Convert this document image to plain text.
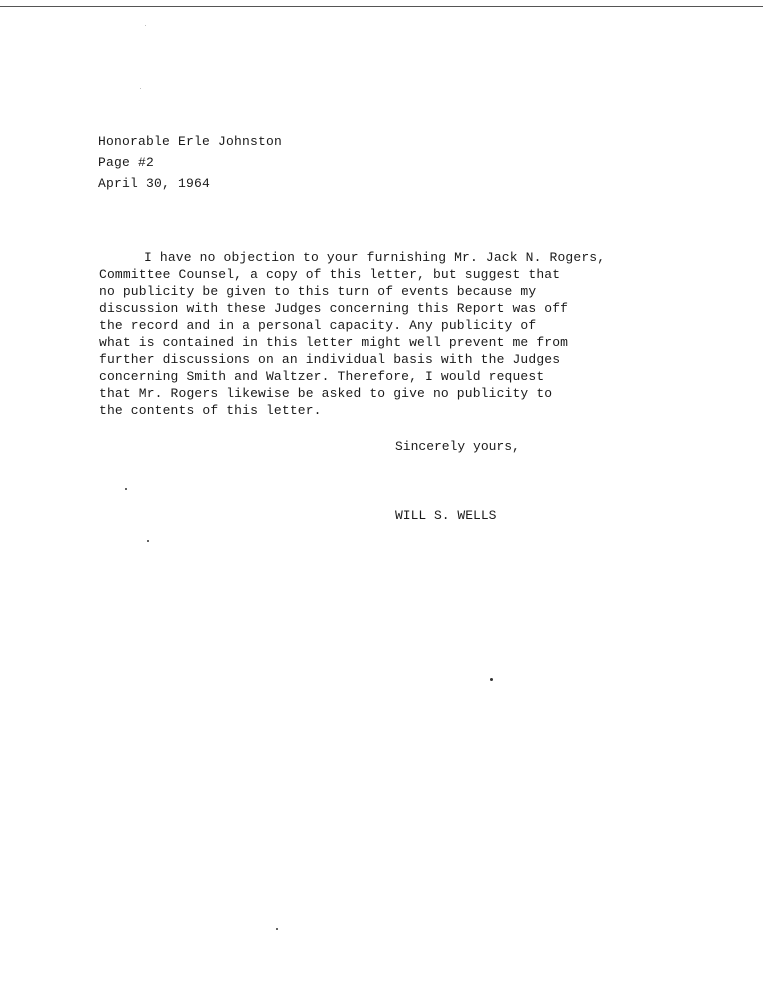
Honorable Erle Johnston
Page #2
April 30, 1964
I have no objection to your furnishing Mr. Jack N. Rogers,
Committee Counsel, a copy of this letter, but suggest that
no publicity be given to this turn of events because my
discussion with these Judges concerning this Report was off
the record and in a personal capacity. Any publicity of
what is contained in this letter might well prevent me from
further discussions on an individual basis with the Judges
concerning Smith and Waltzer. Therefore, I would request
that Mr. Rogers likewise be asked to give no publicity to
the contents of this letter.
Sincerely yours,
WILL S. WELLS
